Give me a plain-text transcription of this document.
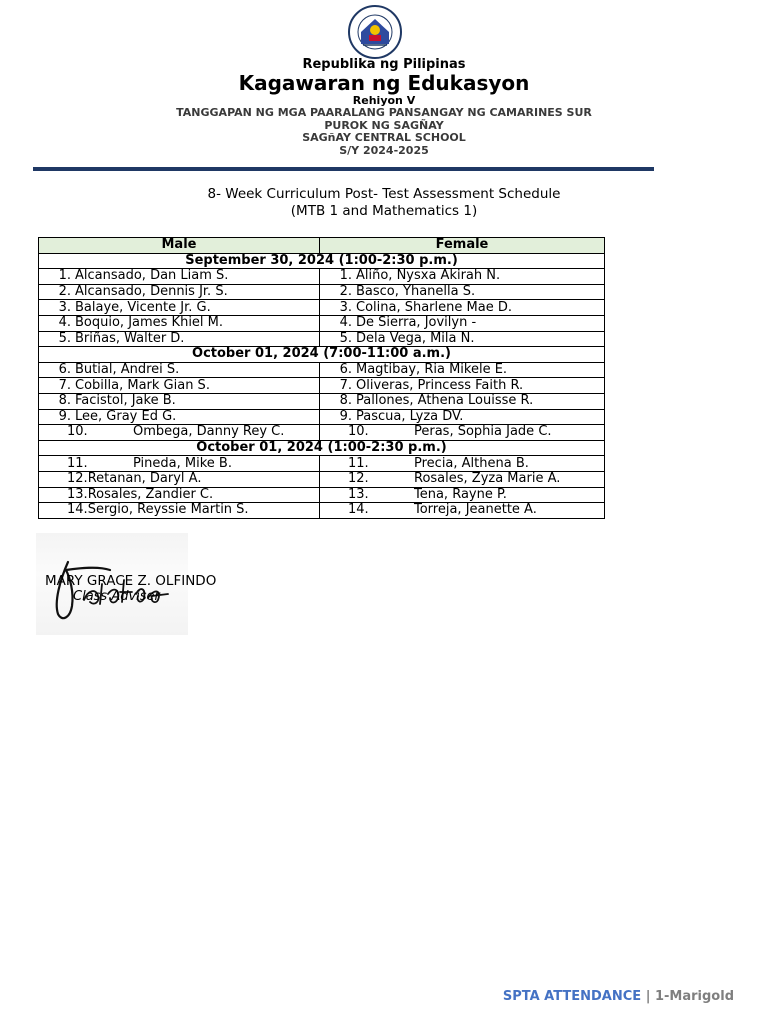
Republika ng Pilipinas
Kagawaran ng Edukasyon
Rehiyon V
TANGGAPAN NG MGA PAARALANG PANSANGAY NG CAMARINES SUR
PUROK NG SAGÑAY
SAGñAY CENTRAL SCHOOL
S/Y 2024-2025
8- Week Curriculum Post- Test Assessment Schedule
(MTB 1 and Mathematics 1)
Male	Female
September 30, 2024 (1:00-2:30 p.m.)	
1. Alcansado, Dan Liam S.	1. Aliño, Nysxa Akirah N.
2. Alcansado, Dennis Jr. S.	2. Basco, Yhanella S.
3. Balaye, Vicente Jr. G.	3. Colina, Sharlene Mae D.
4. Boquio, James Khiel M.	4. De Sierra, Jovilyn -
5. Briñas, Walter D.	5. Dela Vega, Mila N.
October 01, 2024 (7:00-11:00 a.m.)	
6. Butial, Andrei S.	6. Magtibay, Ria Mikele E.
7. Cobilla, Mark Gian S.	7. Oliveras, Princess Faith R.
8. Facistol, Jake B.	8. Pallones, Athena Louisse R.
9. Lee, Gray Ed G.	9. Pascua, Lyza DV.
10. Ombega, Danny Rey C.	10. Peras, Sophia Jade C.
October 01, 2024 (1:00-2:30 p.m.)	
11. Pineda, Mike B.	11. Precia, Althena B.
12.Retanan, Daryl A.	12. Rosales, Zyza Marie A.
13.Rosales, Zandier C.	13. Tena, Rayne P.
14.Sergio, Reyssie Martin S.	14. Torreja, Jeanette A.
MARY GRACE Z. OLFINDO
Class Adviser
SPTA ATTENDANCE | 1-Marigold
